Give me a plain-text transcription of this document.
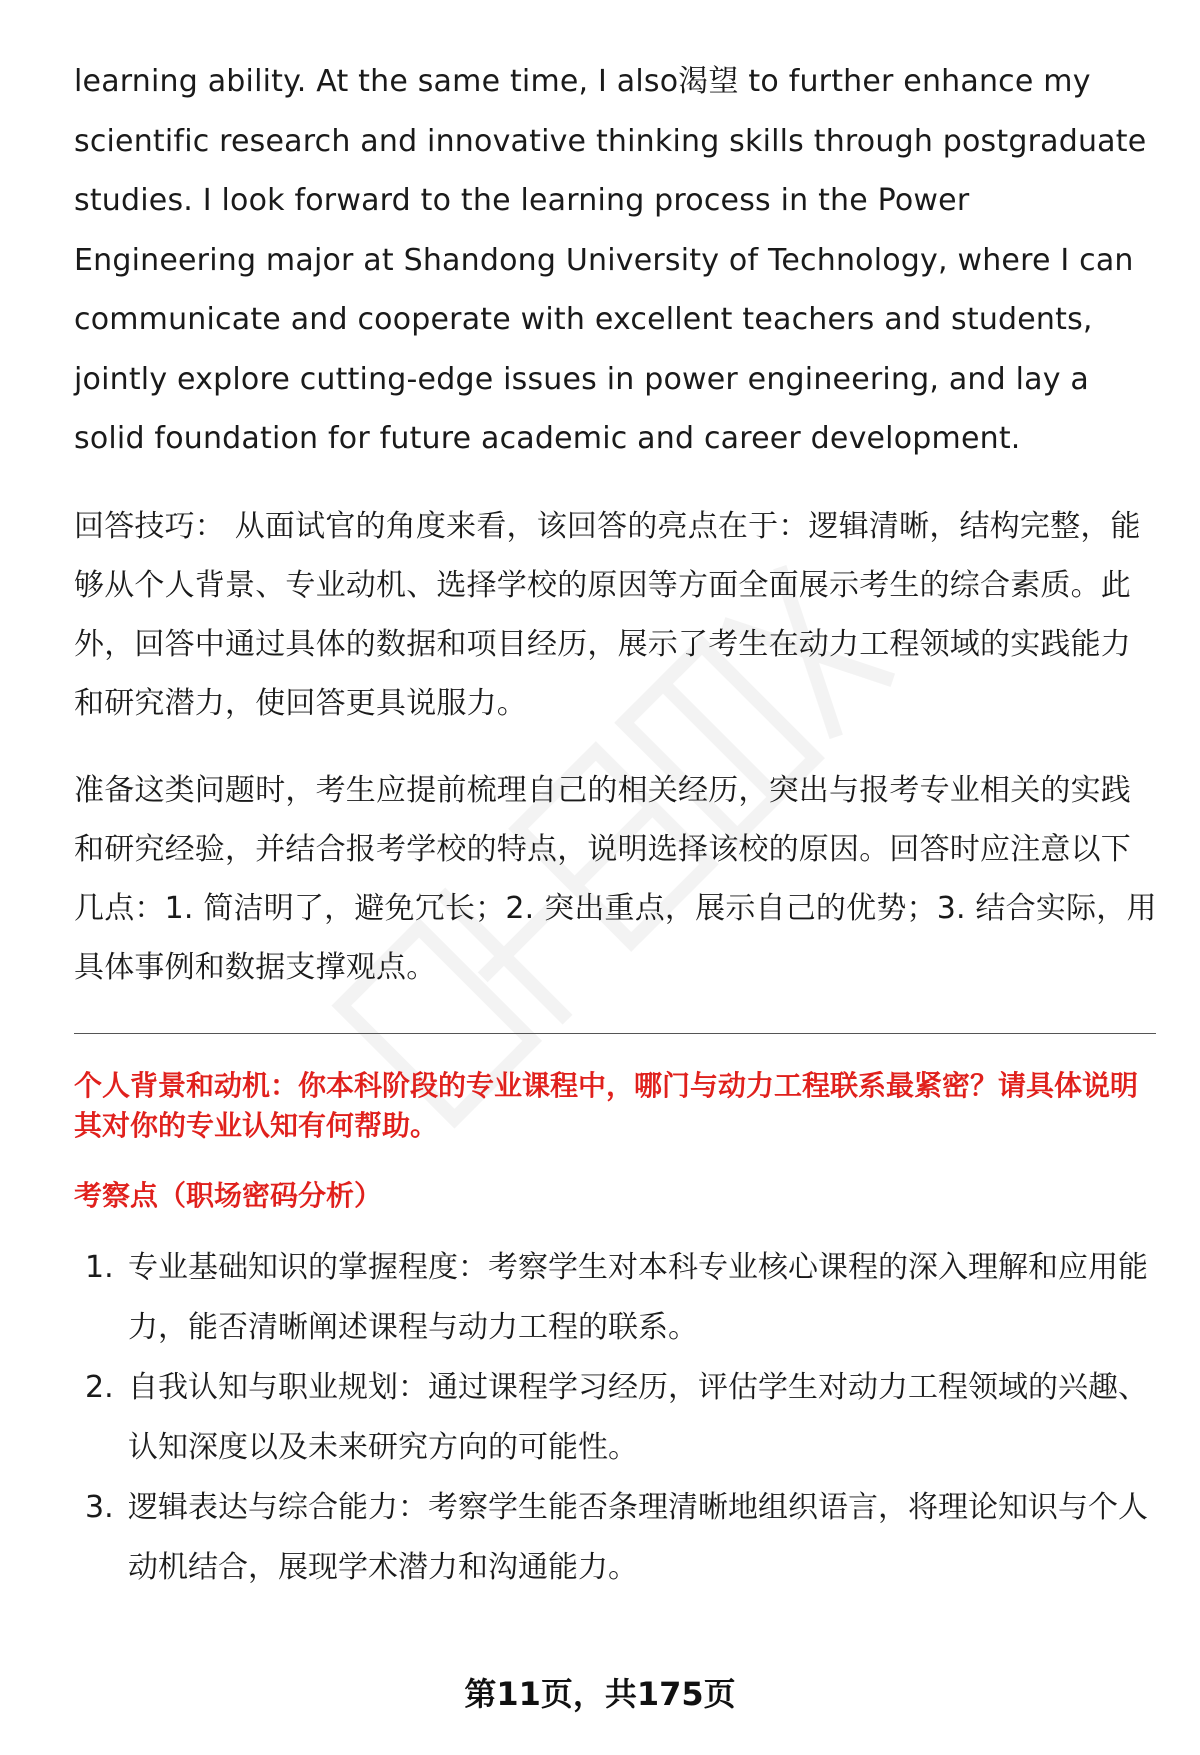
learning ability. At the same time, I also渴望 to further enhance my scientific research and innovative thinking skills through postgraduate studies. I look forward to the learning process in the Power Engineering major at Shandong University of Technology, where I can communicate and cooperate with excellent teachers and students, jointly explore cutting-edge issues in power engineering, and lay a solid foundation for future academic and career development.

回答技巧： 从面试官的角度来看，该回答的亮点在于：逻辑清晰，结构完整，能够从个人背景、专业动机、选择学校的原因等方面全面展示考生的综合素质。此外，回答中通过具体的数据和项目经历，展示了考生在动力工程领域的实践能力和研究潜力，使回答更具说服力。

准备这类问题时，考生应提前梳理自己的相关经历，突出与报考专业相关的实践和研究经验，并结合报考学校的特点，说明选择该校的原因。回答时应注意以下几点：1. 简洁明了，避免冗长；2. 突出重点，展示自己的优势；3. 结合实际，用具体事例和数据支撑观点。

个人背景和动机：你本科阶段的专业课程中，哪门与动力工程联系最紧密？请具体说明其对你的专业认知有何帮助。

考察点（职场密码分析）

1. 专业基础知识的掌握程度：考察学生对本科专业核心课程的深入理解和应用能力，能否清晰阐述课程与动力工程的联系。
2. 自我认知与职业规划：通过课程学习经历，评估学生对动力工程领域的兴趣、认知深度以及未来研究方向的可能性。
3. 逻辑表达与综合能力：考察学生能否条理清晰地组织语言，将理论知识与个人动机结合，展现学术潜力和沟通能力。
第11页，共175页
